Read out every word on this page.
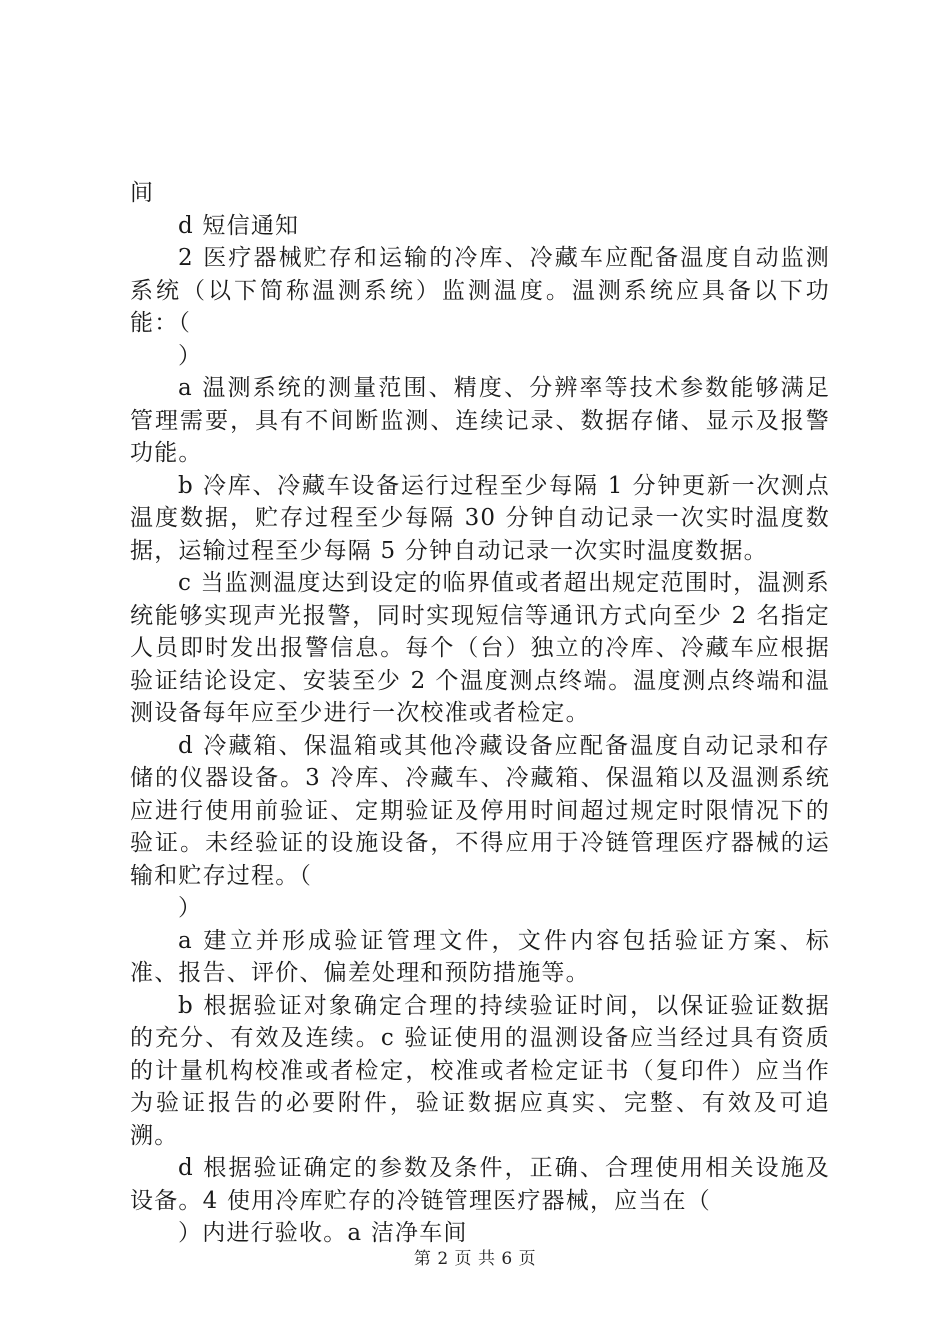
间

d 短信通知

2 医疗器械贮存和运输的冷库、冷藏车应配备温度自动监测系统（以下简称温测系统）监测温度。温测系统应具备以下功能：（

）

a 温测系统的测量范围、精度、分辨率等技术参数能够满足管理需要，具有不间断监测、连续记录、数据存储、显示及报警功能。

b 冷库、冷藏车设备运行过程至少每隔 1 分钟更新一次测点温度数据，贮存过程至少每隔 30 分钟自动记录一次实时温度数据，运输过程至少每隔 5 分钟自动记录一次实时温度数据。

c 当监测温度达到设定的临界值或者超出规定范围时，温测系统能够实现声光报警，同时实现短信等通讯方式向至少 2 名指定人员即时发出报警信息。每个（台）独立的冷库、冷藏车应根据验证结论设定、安装至少 2 个温度测点终端。温度测点终端和温测设备每年应至少进行一次校准或者检定。

d 冷藏箱、保温箱或其他冷藏设备应配备温度自动记录和存储的仪器设备。3 冷库、冷藏车、冷藏箱、保温箱以及温测系统应进行使用前验证、定期验证及停用时间超过规定时限情况下的验证。未经验证的设施设备，不得应用于冷链管理医疗器械的运输和贮存过程。（

）

a 建立并形成验证管理文件，文件内容包括验证方案、标准、报告、评价、偏差处理和预防措施等。

b 根据验证对象确定合理的持续验证时间，以保证验证数据的充分、有效及连续。c 验证使用的温测设备应当经过具有资质的计量机构校准或者检定，校准或者检定证书（复印件）应当作为验证报告的必要附件，验证数据应真实、完整、有效及可追溯。

d 根据验证确定的参数及条件，正确、合理使用相关设施及设备。4 使用冷库贮存的冷链管理医疗器械，应当在（

）内进行验收。a 洁净车间

第 2 页 共 6 页
